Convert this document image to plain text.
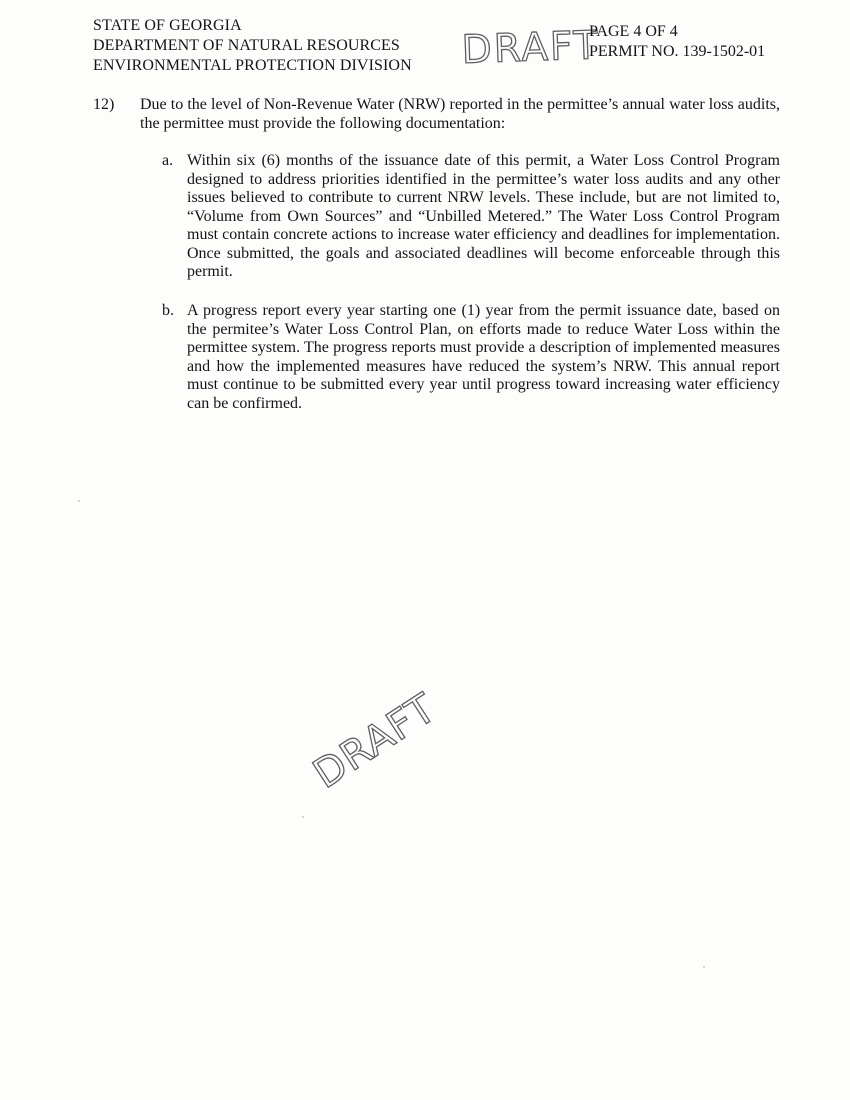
STATE OF GEORGIA
DEPARTMENT OF NATURAL RESOURCES
ENVIRONMENTAL PROTECTION DIVISION DRAFT
PAGE 4 OF 4
PERMIT NO. 139-1502-01
12) Due to the level of Non-Revenue Water (NRW) reported in the permittee’s annual water loss audits, the permittee must provide the following documentation:
a. Within six (6) months of the issuance date of this permit, a Water Loss Control Program designed to address priorities identified in the permittee’s water loss audits and any other issues believed to contribute to current NRW levels. These include, but are not limited to, “Volume from Own Sources” and “Unbilled Metered.” The Water Loss Control Program must contain concrete actions to increase water efficiency and deadlines for implementation. Once submitted, the goals and associated deadlines will become enforceable through this permit.
b. A progress report every year starting one (1) year from the permit issuance date, based on the permitee’s Water Loss Control Plan, on efforts made to reduce Water Loss within the permittee system. The progress reports must provide a description of implemented measures and how the implemented measures have reduced the system’s NRW. This annual report must continue to be submitted every year until progress toward increasing water efficiency can be confirmed.
DRAFT
